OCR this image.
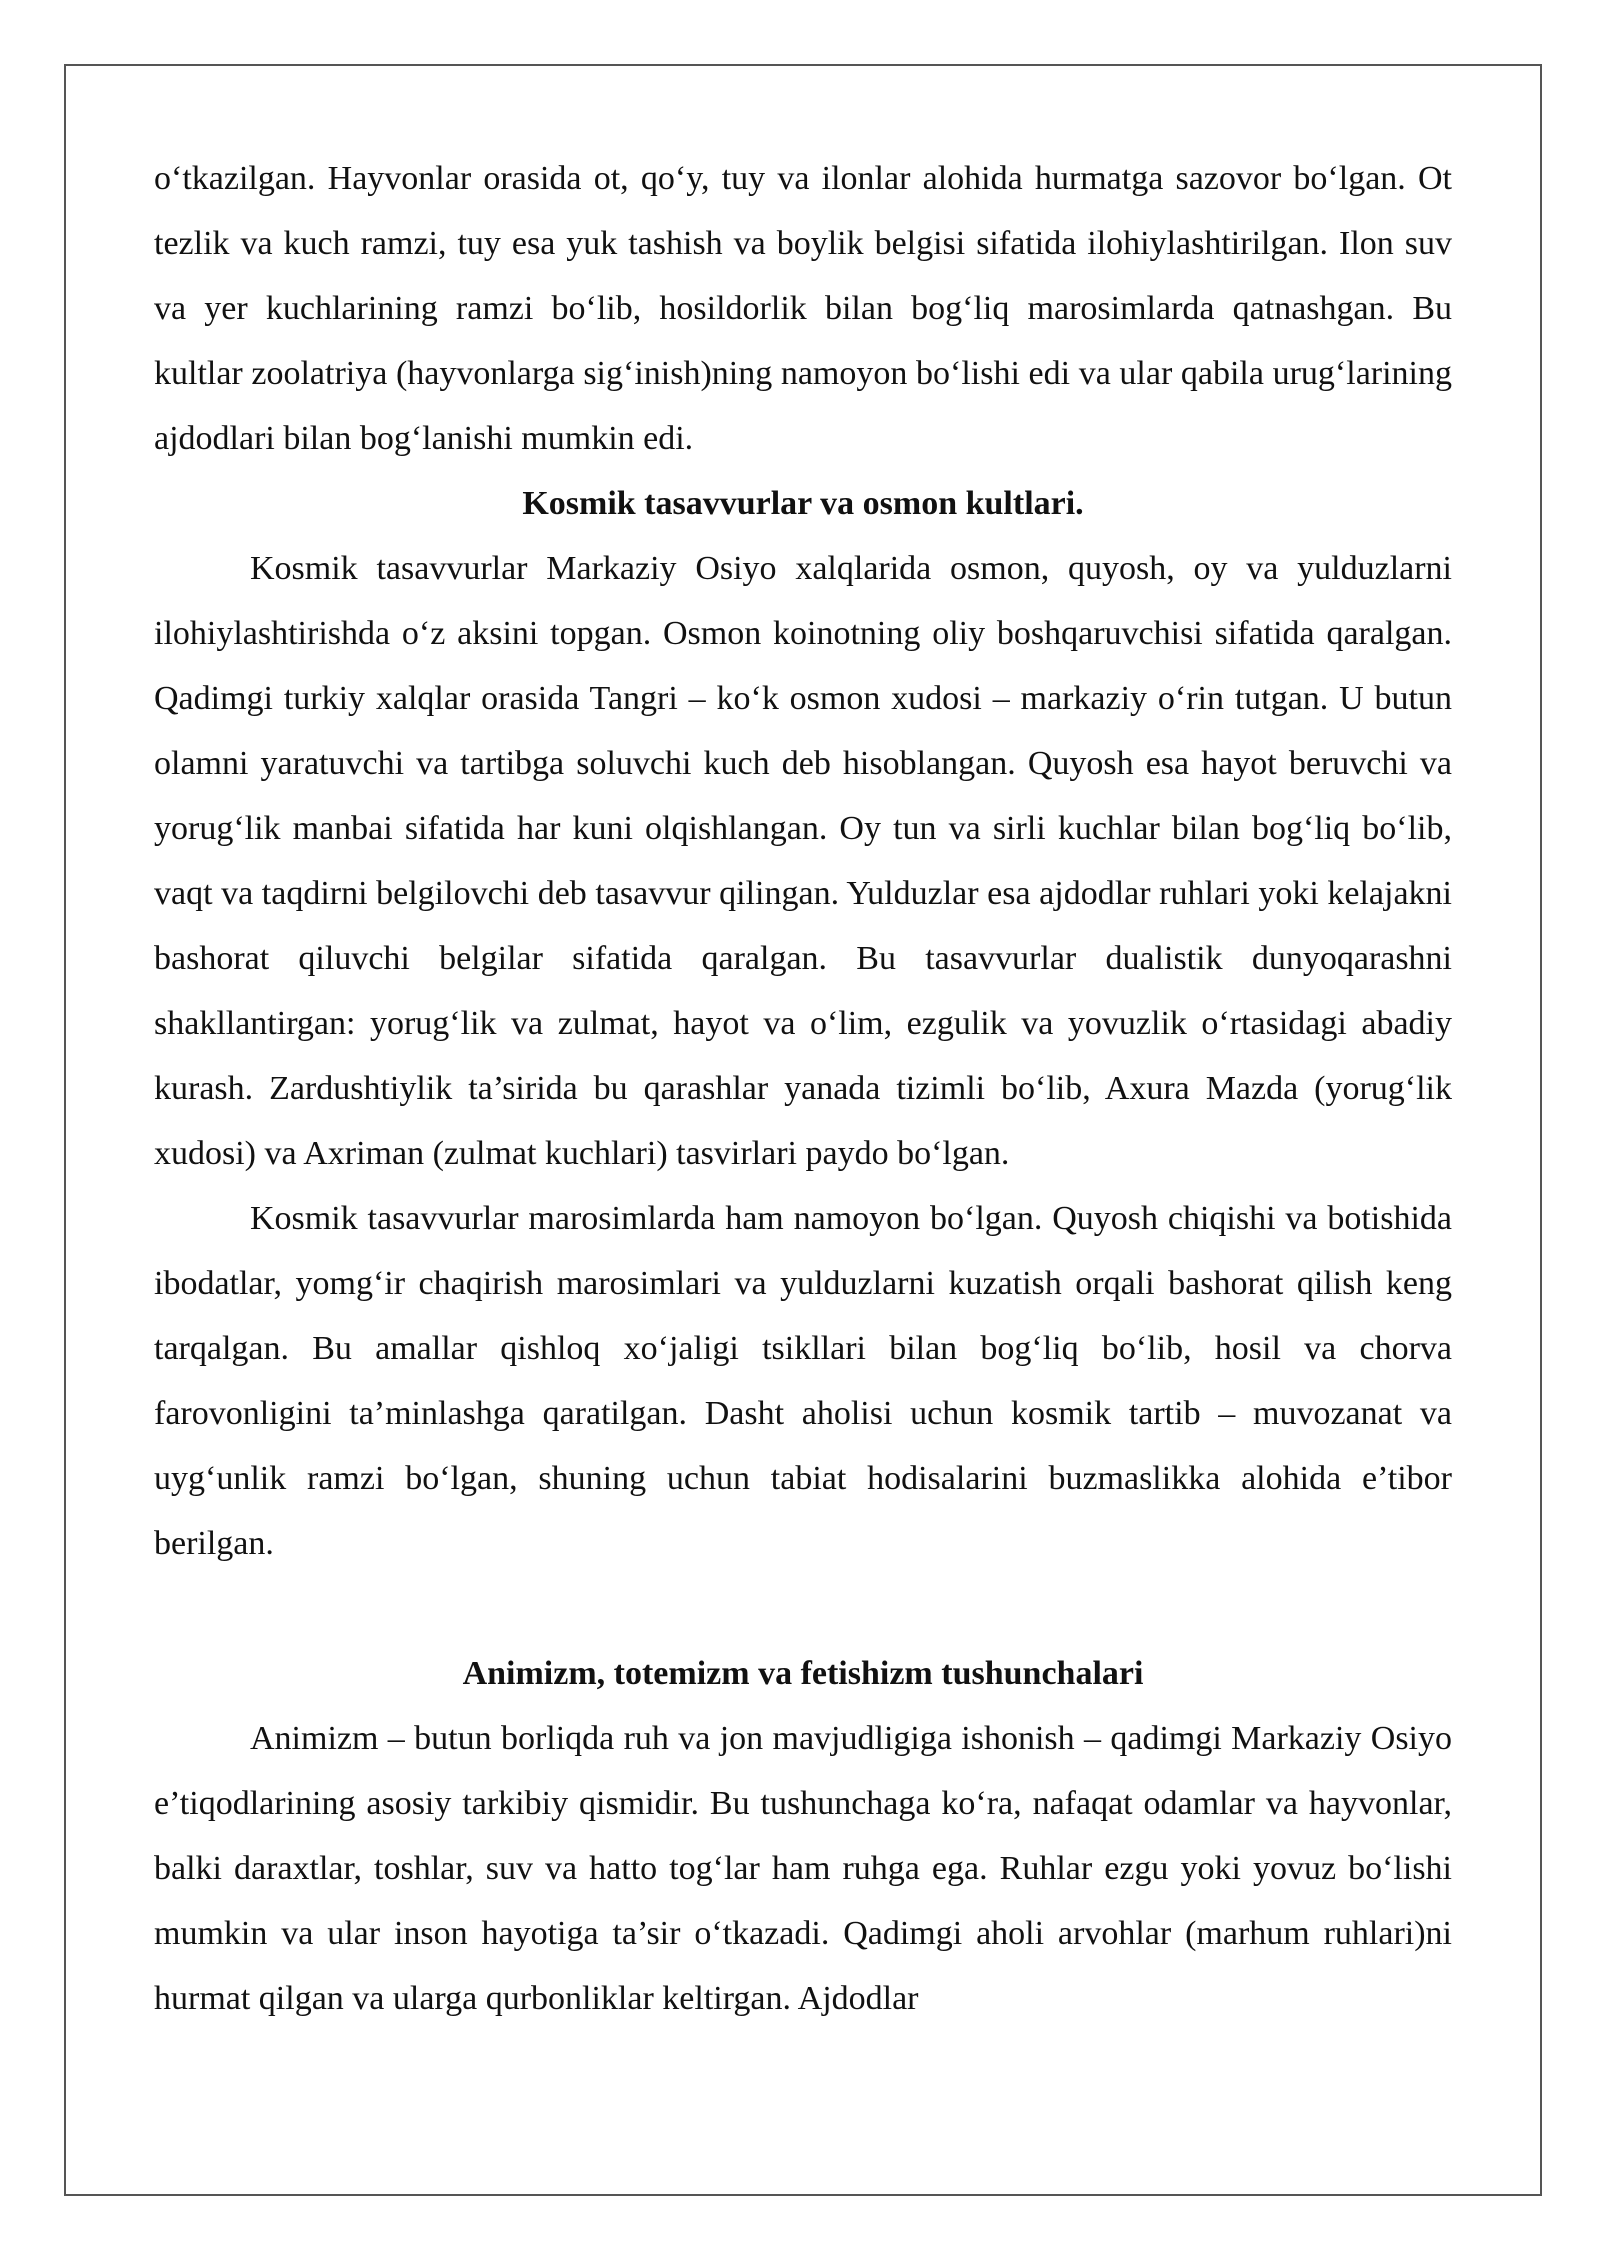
o‘tkazilgan. Hayvonlar orasida ot, qo‘y, tuy va ilonlar alohida hurmatga sazovor bo‘lgan. Ot tezlik va kuch ramzi, tuy esa yuk tashish va boylik belgisi sifatida ilohiylashtirilgan. Ilon suv va yer kuchlarining ramzi bo‘lib, hosildorlik bilan bog‘liq marosimlarda qatnashgan. Bu kultlar zoolatriya (hayvonlarga sig‘inish)ning namoyon bo‘lishi edi va ular qabila urug‘larining ajdodlari bilan bog‘lanishi mumkin edi.

Kosmik tasavvurlar va osmon kultlari.

Kosmik tasavvurlar Markaziy Osiyo xalqlarida osmon, quyosh, oy va yulduzlarni ilohiylashtirishda o‘z aksini topgan. Osmon koinotning oliy boshqaruvchisi sifatida qaralgan. Qadimgi turkiy xalqlar orasida Tangri – ko‘k osmon xudosi – markaziy o‘rin tutgan. U butun olamni yaratuvchi va tartibga soluvchi kuch deb hisoblangan. Quyosh esa hayot beruvchi va yorug‘lik manbai sifatida har kuni olqishlangan. Oy tun va sirli kuchlar bilan bog‘liq bo‘lib, vaqt va taqdirni belgilovchi deb tasavvur qilingan. Yulduzlar esa ajdodlar ruhlari yoki kelajakni bashorat qiluvchi belgilar sifatida qaralgan. Bu tasavvurlar dualistik dunyoqarashni shakllantirgan: yorug‘lik va zulmat, hayot va o‘lim, ezgulik va yovuzlik o‘rtasidagi abadiy kurash. Zardushtiylik ta’sirida bu qarashlar yanada tizimli bo‘lib, Axura Mazda (yorug‘lik xudosi) va Axriman (zulmat kuchlari) tasvirlari paydo bo‘lgan.

Kosmik tasavvurlar marosimlarda ham namoyon bo‘lgan. Quyosh chiqishi va botishida ibodatlar, yomg‘ir chaqirish marosimlari va yulduzlarni kuzatish orqali bashorat qilish keng tarqalgan. Bu amallar qishloq xo‘jaligi tsikllari bilan bog‘liq bo‘lib, hosil va chorva farovonligini ta’minlashga qaratilgan. Dasht aholisi uchun kosmik tartib – muvozanat va uyg‘unlik ramzi bo‘lgan, shuning uchun tabiat hodisalarini buzmaslikka alohida e’tibor berilgan.

Animizm, totemizm va fetishizm tushunchalari

Animizm – butun borliqda ruh va jon mavjudligiga ishonish – qadimgi Markaziy Osiyo e’tiqodlarining asosiy tarkibiy qismidir. Bu tushunchaga ko‘ra, nafaqat odamlar va hayvonlar, balki daraxtlar, toshlar, suv va hatto tog‘lar ham ruhga ega. Ruhlar ezgu yoki yovuz bo‘lishi mumkin va ular inson hayotiga ta’sir o‘tkazadi. Qadimgi aholi arvohlar (marhum ruhlari)ni hurmat qilgan va ularga qurbonliklar keltirgan. Ajdodlar
